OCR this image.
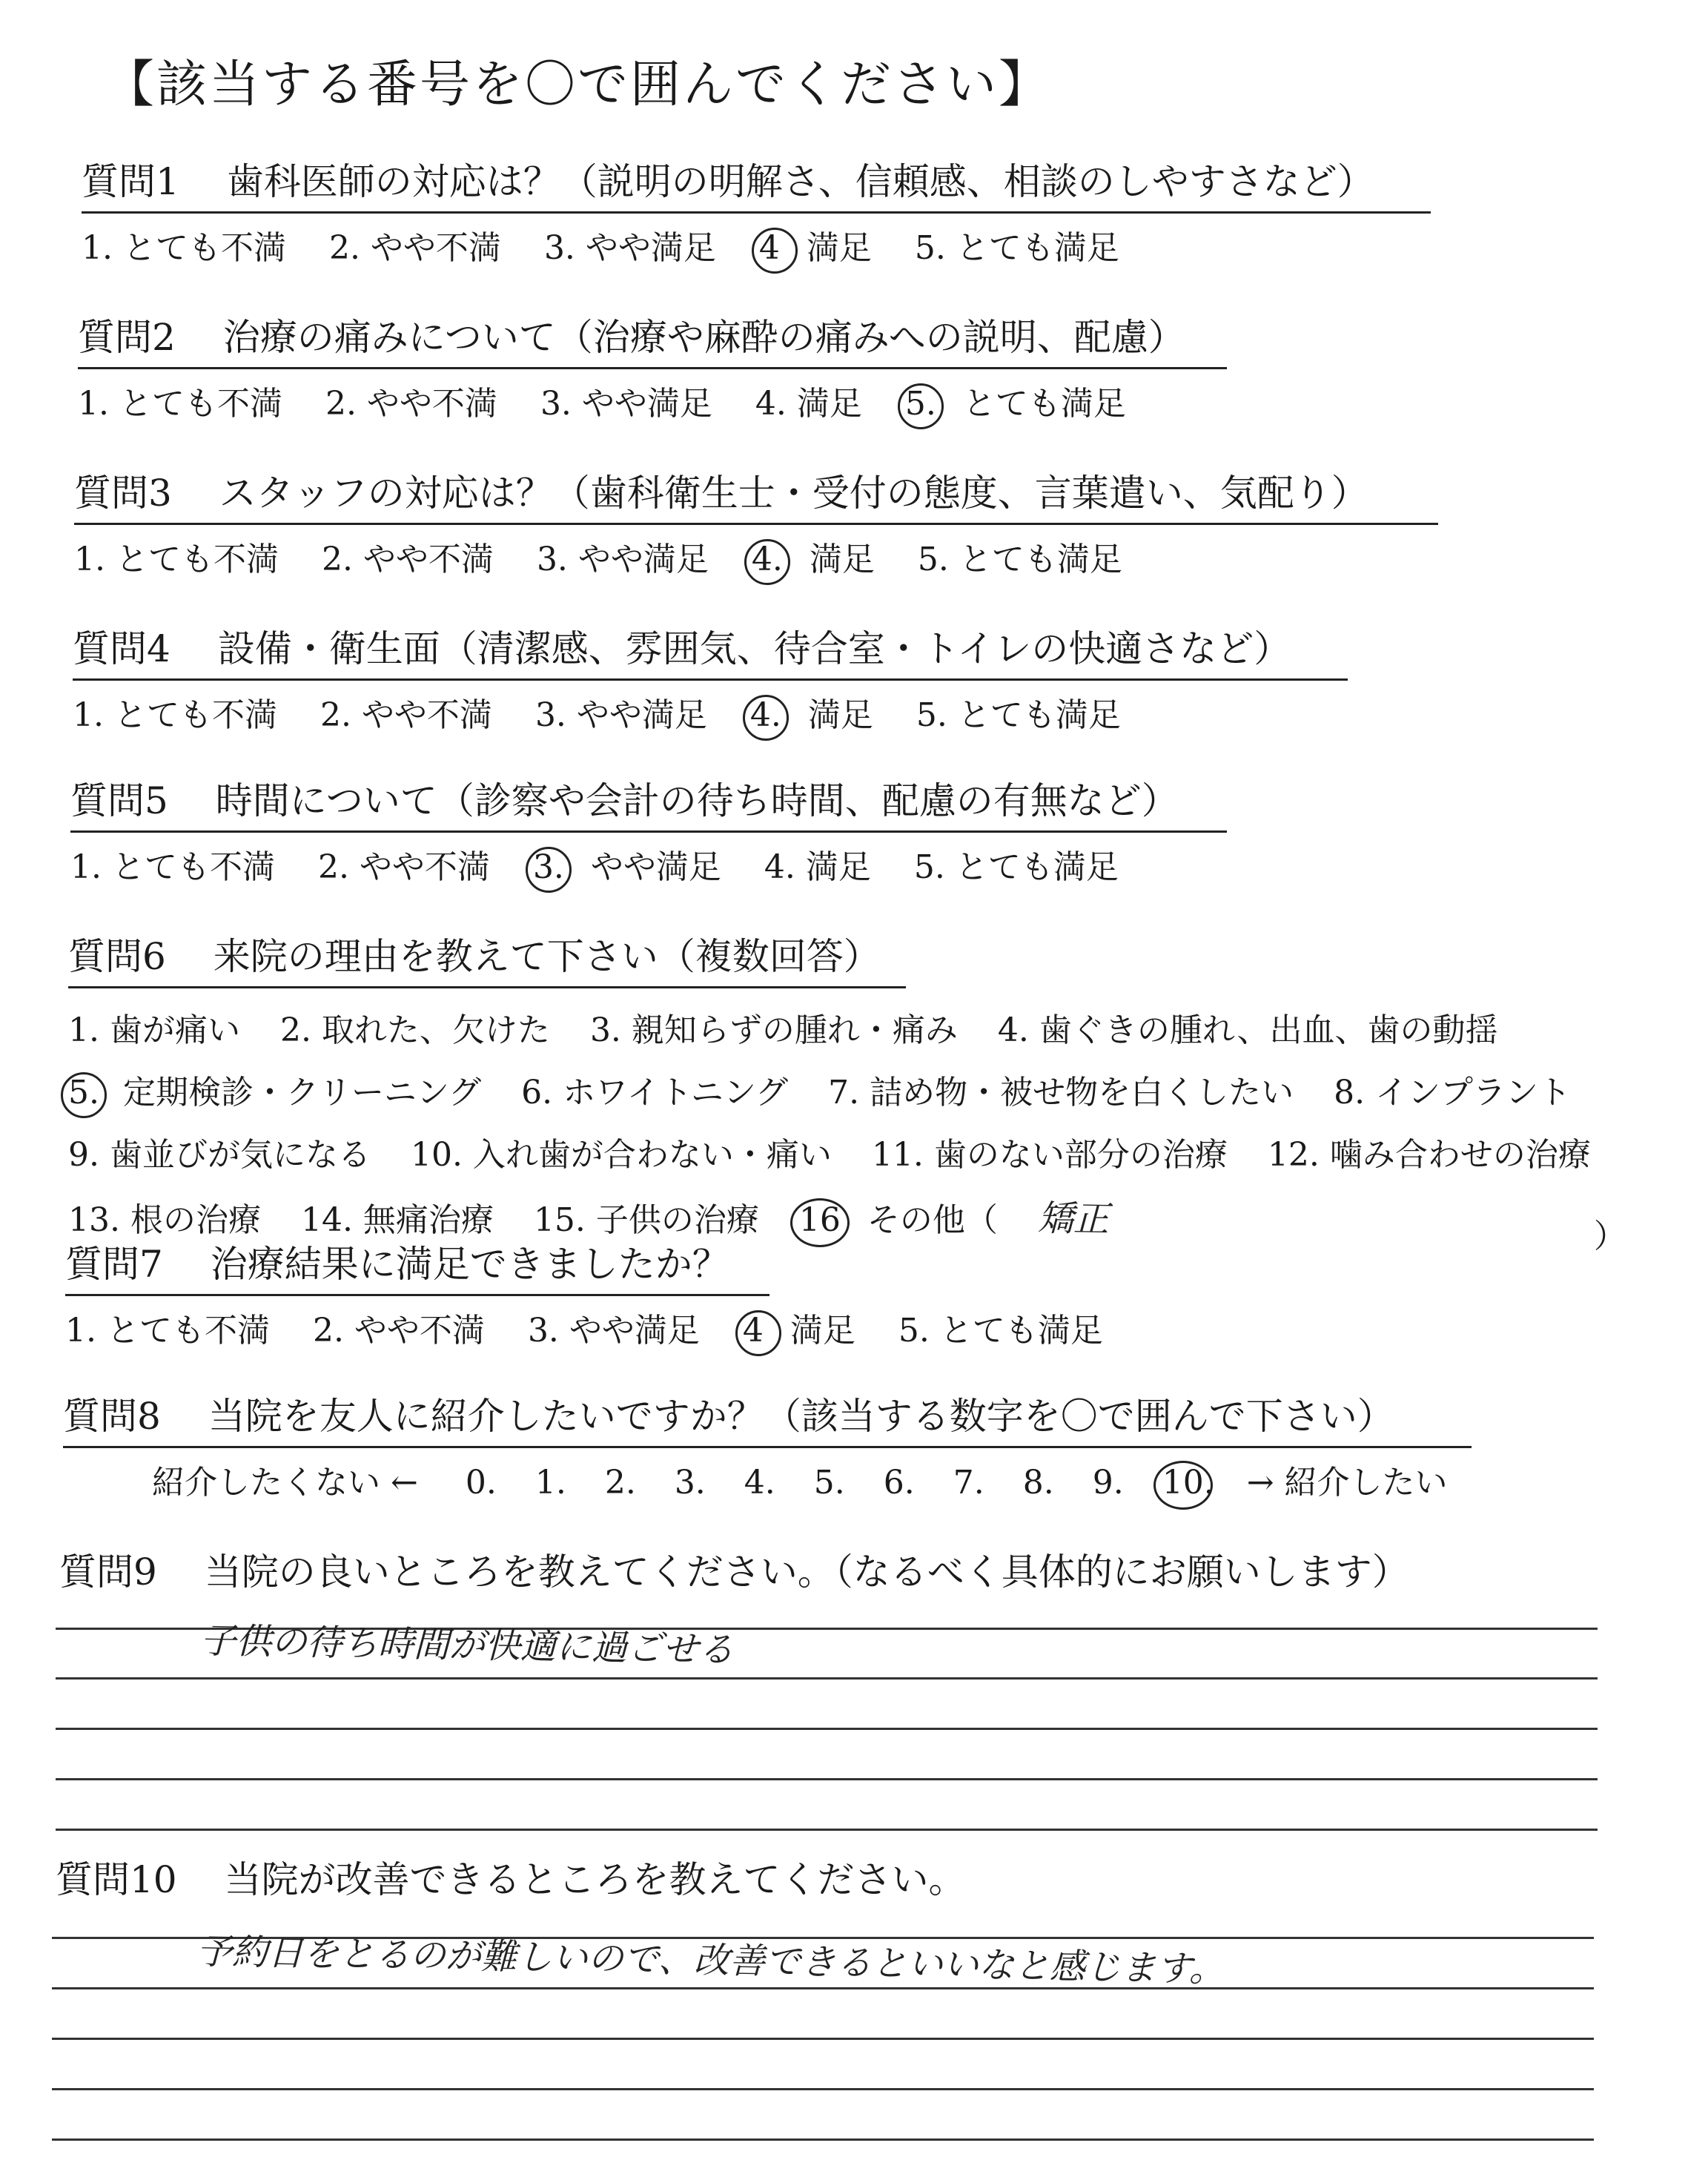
【該当する番号を〇で囲んでください】
質問1 歯科医師の対応は？（説明の明解さ、信頼感、相談のしやすさなど）
1. とても不満 2. やや不満 3. やや満足 4 満足 5. とても満足
質問2 治療の痛みについて（治療や麻酔の痛みへの説明、配慮）
1. とても不満 2. やや不満 3. やや満足 4. 満足 5. とても満足
質問3 スタッフの対応は？（歯科衛生士・受付の態度、言葉遣い、気配り）
1. とても不満 2. やや不満 3. やや満足 4. 満足 5. とても満足
質問4 設備・衛生面（清潔感、雰囲気、待合室・トイレの快適さなど）
1. とても不満 2. やや不満 3. やや満足 4. 満足 5. とても満足
質問5 時間について（診察や会計の待ち時間、配慮の有無など）
1. とても不満 2. やや不満 3. やや満足 4. 満足 5. とても満足
質問6 来院の理由を教えて下さい（複数回答）
1. 歯が痛い 2. 取れた、欠けた 3. 親知らずの腫れ・痛み 4. 歯ぐきの腫れ、出血、歯の動揺
5. 定期検診・クリーニング 6. ホワイトニング 7. 詰め物・被せ物を白くしたい 8. インプラント
9. 歯並びが気になる 10. 入れ歯が合わない・痛い 11. 歯のない部分の治療 12. 噛み合わせの治療
13. 根の治療 14. 無痛治療 15. 子供の治療 16 その他（ 矯正	）
質問7 治療結果に満足できましたか？
1. とても不満 2. やや不満 3. やや満足 4 満足 5. とても満足
質問8 当院を友人に紹介したいですか？（該当する数字を〇で囲んで下さい）
紹介したくない ← 0. 1. 2. 3. 4. 5. 6. 7. 8. 9. 10. → 紹介したい
質問9 当院の良いところを教えてください。（なるべく具体的にお願いします）
子供の待ち時間が快適に過ごせる
質問10 当院が改善できるところを教えてください。
予約日をとるのが難しいので、改善できるといいなと感じます。
